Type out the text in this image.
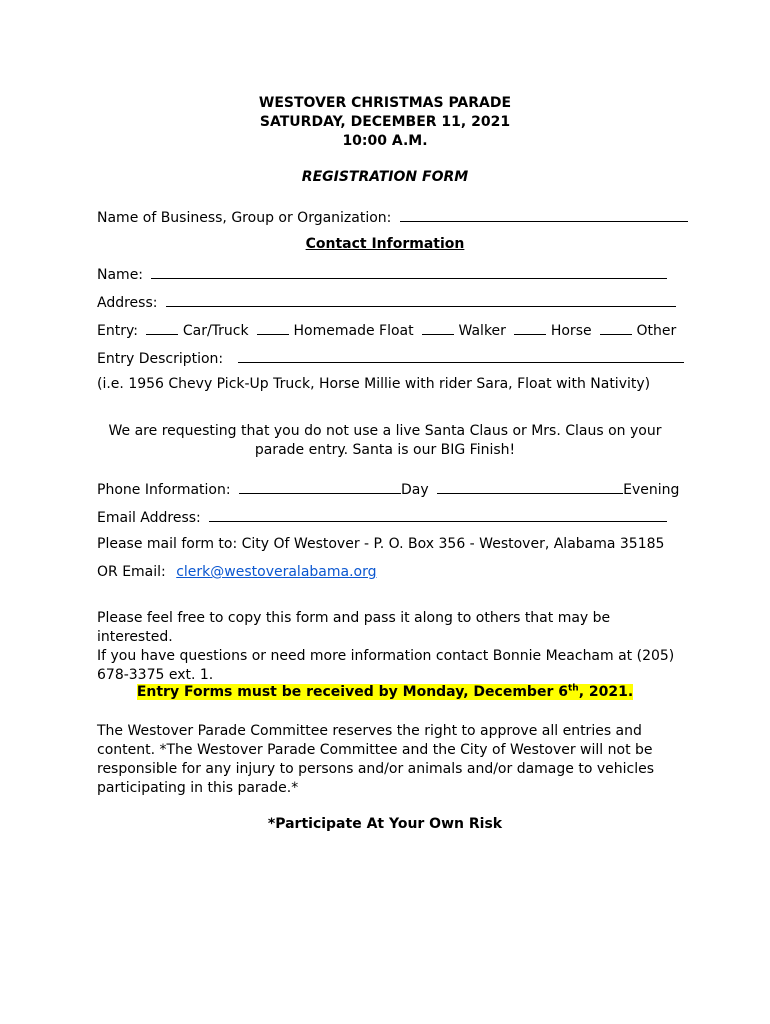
WESTOVER CHRISTMAS PARADE
SATURDAY, DECEMBER 11, 2021
10:00 A.M.
REGISTRATION FORM
Name of Business, Group or Organization:
Contact Information
Name:
Address:
Entry:	Car/Truck	Homemade Float	Walker	Horse	Other
Entry Description:
(i.e. 1956 Chevy Pick-Up Truck, Horse Millie with rider Sara, Float with Nativity)
We are requesting that you do not use a live Santa Claus or Mrs. Claus on your
parade entry. Santa is our BIG Finish!
Phone Information:	Day	Evening
Email Address:
Please mail form to: City Of Westover - P. O. Box 356 - Westover, Alabama 35185
OR Email: clerk@westoveralabama.org
Please feel free to copy this form and pass it along to others that may be interested.
If you have questions or need more information contact Bonnie Meacham at (205)
678-3375 ext. 1.
Entry Forms must be received by Monday, December 6th, 2021.
The Westover Parade Committee reserves the right to approve all entries and
content. *The Westover Parade Committee and the City of Westover will not be
responsible for any injury to persons and/or animals and/or damage to vehicles
participating in this parade.*
*Participate At Your Own Risk
